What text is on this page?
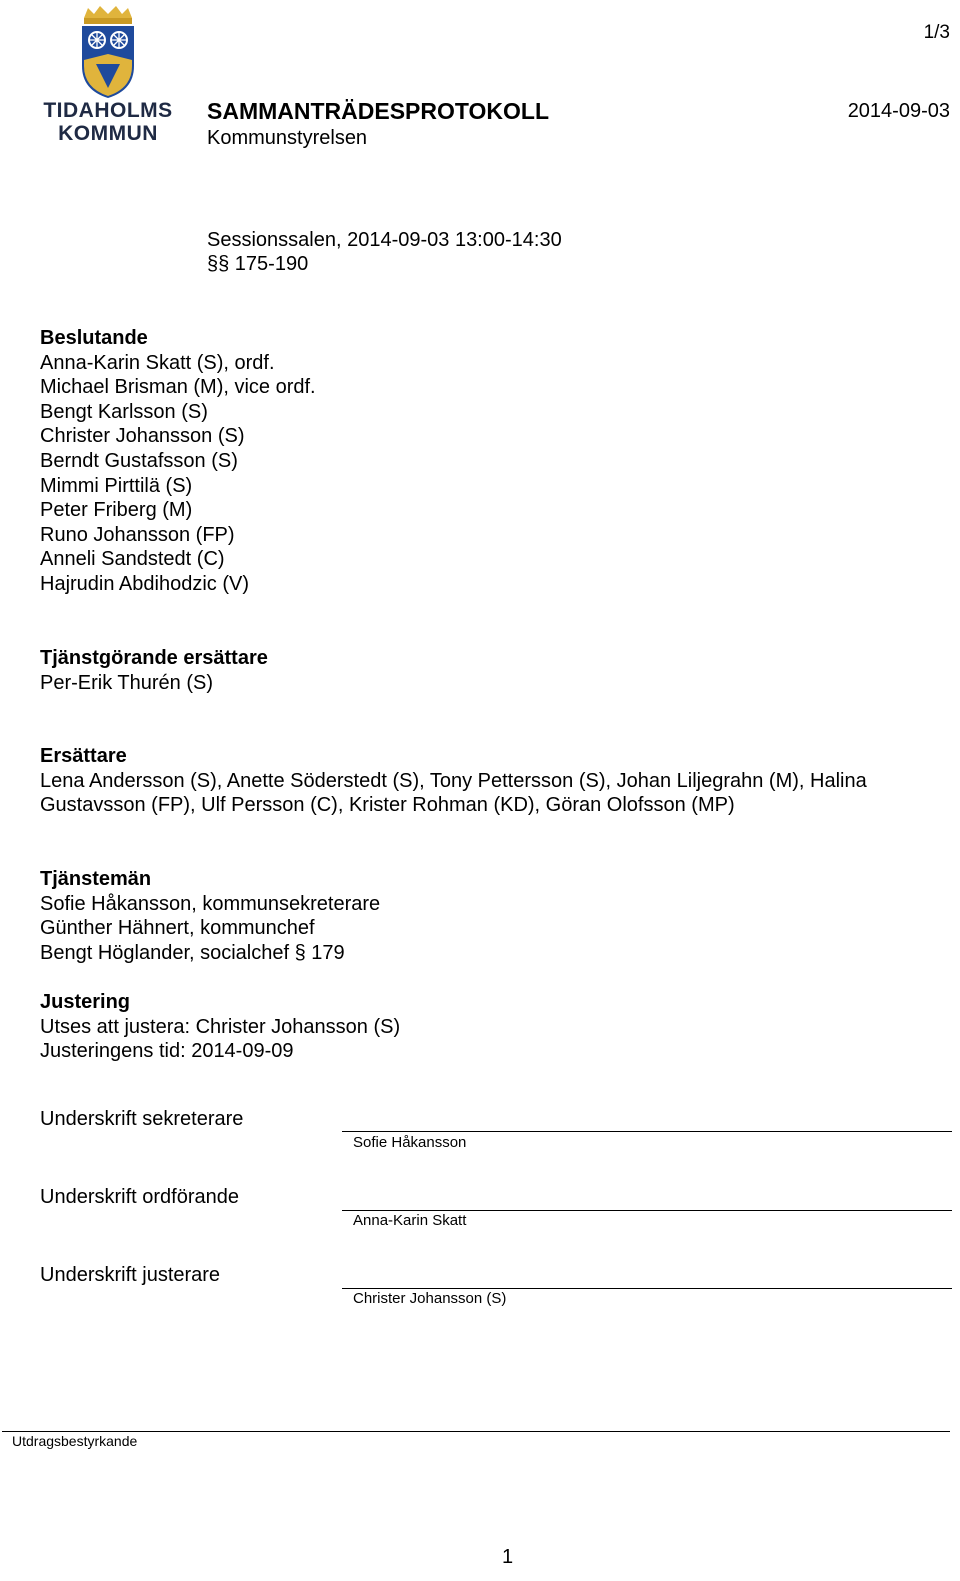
TIDAHOLMS
KOMMUN
1/3
SAMMANTRÄDESPROTOKOLL	2014-09-03
Kommunstyrelsen
Sessionssalen, 2014-09-03 13:00-14:30
§§ 175-190
Beslutande
Anna-Karin Skatt (S), ordf.
Michael Brisman (M), vice ordf.
Bengt Karlsson (S)
Christer Johansson (S)
Berndt Gustafsson (S)
Mimmi Pirttilä (S)
Peter Friberg (M)
Runo Johansson (FP)
Anneli Sandstedt (C)
Hajrudin Abdihodzic (V)
Tjänstgörande ersättare
Per-Erik Thurén (S)
Ersättare
Lena Andersson (S), Anette Söderstedt (S), Tony Pettersson (S), Johan Liljegrahn (M), Halina Gustavsson (FP), Ulf Persson (C), Krister Rohman (KD), Göran Olofsson (MP)
Tjänstemän
Sofie Håkansson, kommunsekreterare
Günther Hähnert, kommunchef
Bengt Höglander, socialchef § 179
Justering
Utses att justera: Christer Johansson (S)
Justeringens tid: 2014-09-09
Underskrift sekreterare
Sofie Håkansson
Underskrift ordförande
Anna-Karin Skatt
Underskrift justerare
Christer Johansson (S)
Utdragsbestyrkande
1
